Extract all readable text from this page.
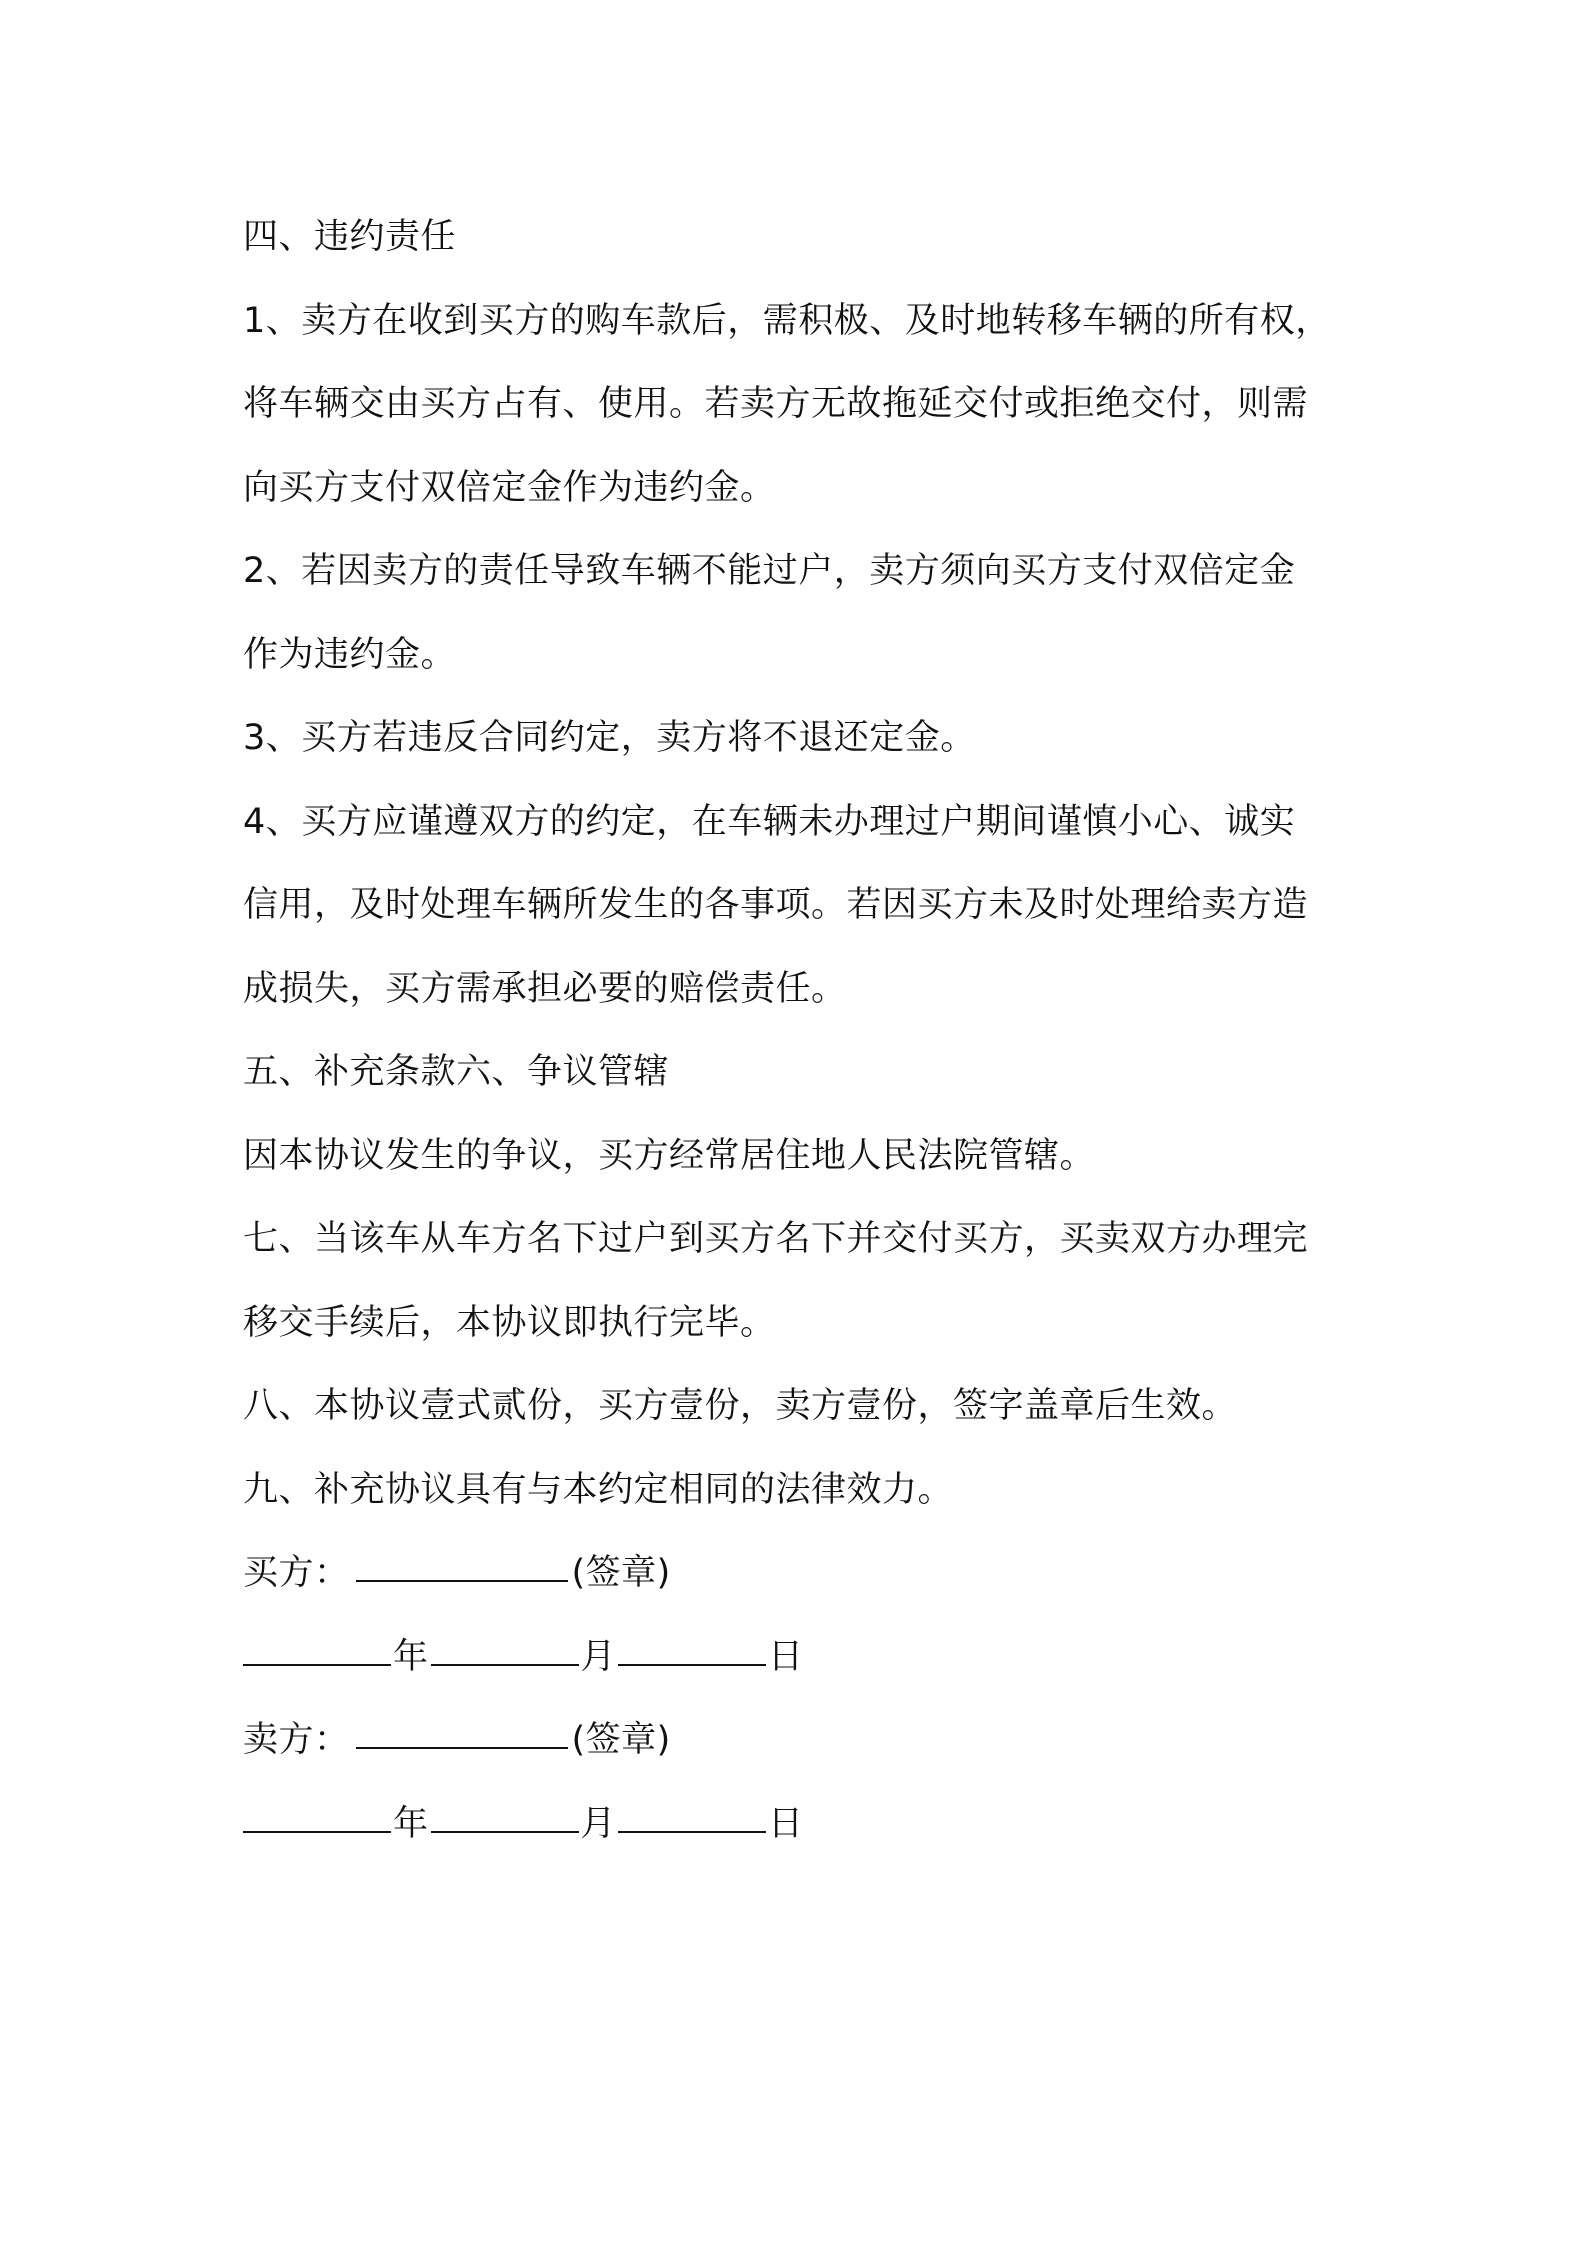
四、违约责任
1、卖方在收到买方的购车款后，需积极、及时地转移车辆的所有权，
将车辆交由买方占有、使用。若卖方无故拖延交付或拒绝交付，则需
向买方支付双倍定金作为违约金。
2、若因卖方的责任导致车辆不能过户，卖方须向买方支付双倍定金
作为违约金。
3、买方若违反合同约定，卖方将不退还定金。
4、买方应谨遵双方的约定，在车辆未办理过户期间谨慎小心、诚实
信用，及时处理车辆所发生的各事项。若因买方未及时处理给卖方造
成损失，买方需承担必要的赔偿责任。
五、补充条款六、争议管辖
因本协议发生的争议，买方经常居住地人民法院管辖。
七、当该车从车方名下过户到买方名下并交付买方，买卖双方办理完
移交手续后，本协议即执行完毕。
八、本协议壹式贰份，买方壹份，卖方壹份，签字盖章后生效。
九、补充协议具有与本约定相同的法律效力。
买方：	(签章)
年	月	日
卖方：	(签章)
年	月	日
